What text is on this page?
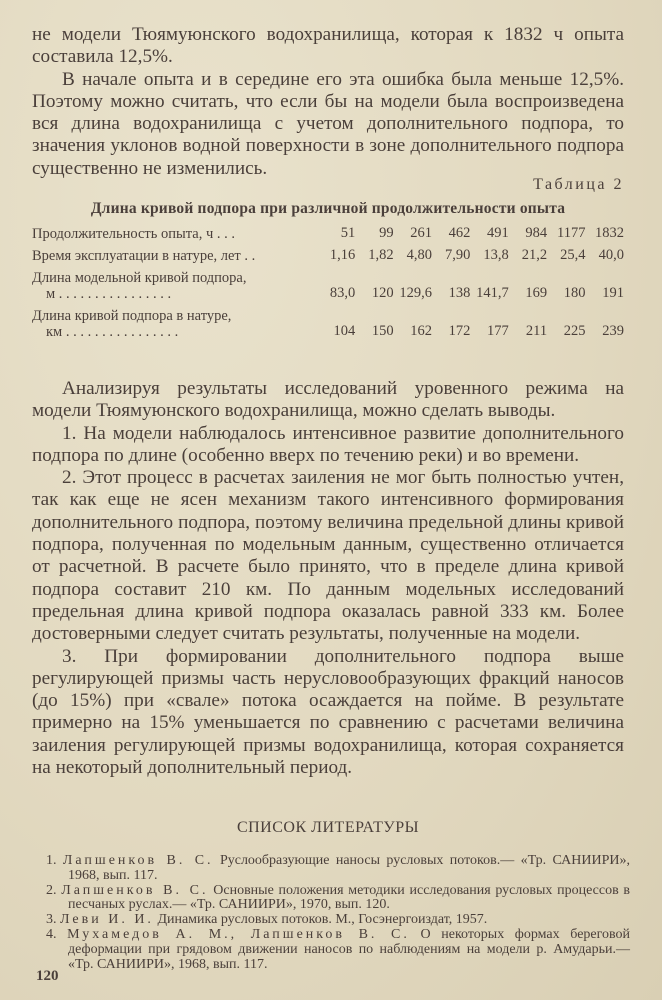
не модели Тюямуюнского водохранилища, которая к 1832 ч опыта составила 12,5%.

В начале опыта и в середине его эта ошибка была меньше 12,5%. Поэтому можно считать, что если бы на модели была воспроизведена вся длина водохранилища с учетом дополнительного подпора, то значения уклонов водной поверхности в зоне дополнительного подпора существенно не изменились.

Таблица 2
Длина кривой подпора при различной продолжительности опыта
Продолжительность опыта, ч . . .	51	99	261	462	491	984	1177	1832
Время эксплуатации в натуре, лет . .	1,16	1,82	4,80	7,90	13,8	21,2	25,4	40,0
Длина модельной кривой подпора,
м . . . . . . . . . . . . . . . .	83,0	120	129,6	138	141,7	169	180	191
Длина кривой подпора в натуре,
км . . . . . . . . . . . . . . . .	104	150	162	172	177	211	225	239

Анализируя результаты исследований уровенного режима на модели Тюямуюнского водохранилища, можно сделать выводы.

1. На модели наблюдалось интенсивное развитие дополнительного подпора по длине (особенно вверх по течению реки) и во времени.

2. Этот процесс в расчетах заиления не мог быть полностью учтен, так как еще не ясен механизм такого интенсивного формирования дополнительного подпора, поэтому величина предельной длины кривой подпора, полученная по модельным данным, существенно отличается от расчетной. В расчете было принято, что в пределе длина кривой подпора составит 210 км. По данным модельных исследований предельная длина кривой подпора оказалась равной 333 км. Более достоверными следует считать результаты, полученные на модели.

3. При формировании дополнительного подпора выше регулирующей призмы часть нерусловообразующих фракций наносов (до 15%) при «свале» потока осаждается на пойме. В результате примерно на 15% уменьшается по сравнению с расчетами величина заиления регулирующей призмы водохранилища, которая сохраняется на некоторый дополнительный период.

СПИСОК ЛИТЕРАТУРЫ
1. Лапшенков В. С. Руслообразующие наносы русловых потоков.— «Тр. САНИИРИ», 1968, вып. 117.
2. Лапшенков В. С. Основные положения методики исследования русловых процессов в песчаных руслах.— «Тр. САНИИРИ», 1970, вып. 120.
3. Леви И. И. Динамика русловых потоков. М., Госэнергоиздат, 1957.
4. Мухамедов А. М., Лапшенков В. С. О некоторых формах береговой деформации при грядовом движении наносов по наблюдениям на модели р. Амударьи.— «Тр. САНИИРИ», 1968, вып. 117.
120
